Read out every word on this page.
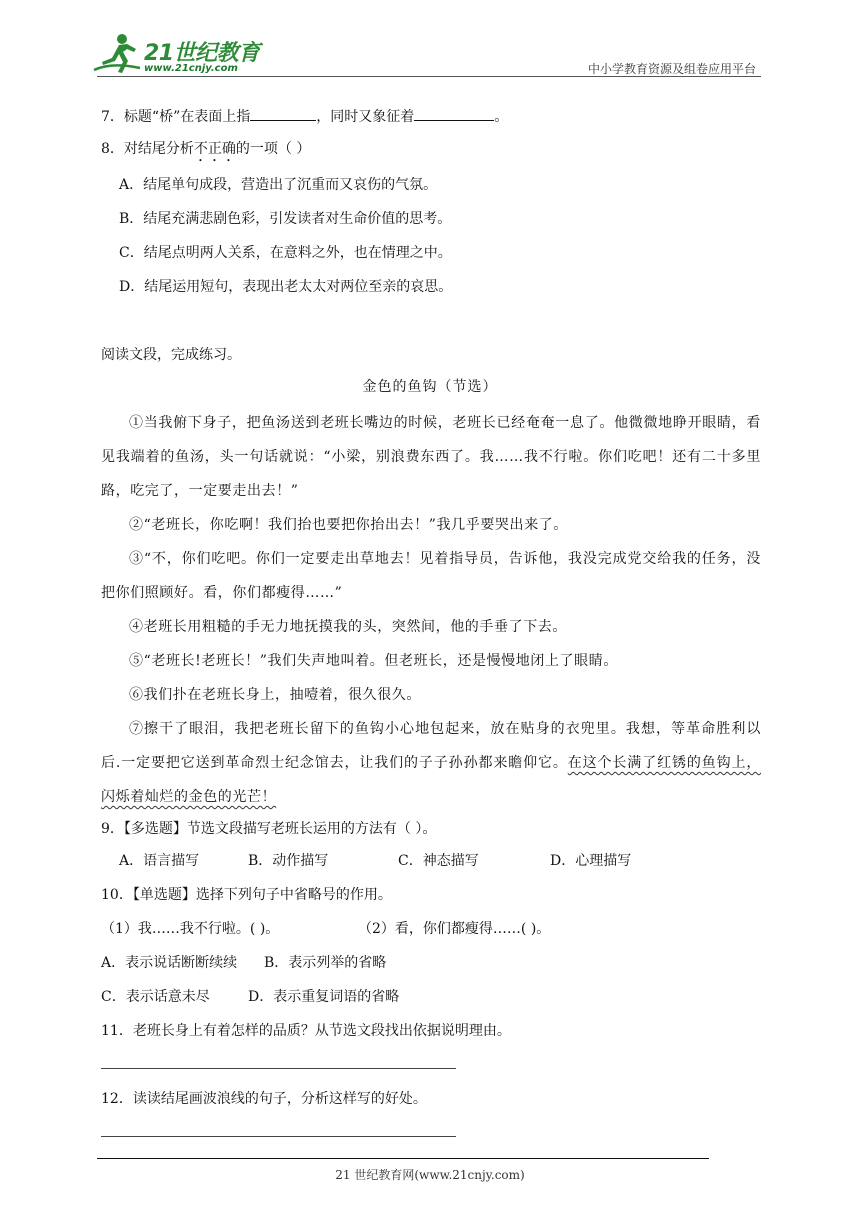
21世纪教育
www.21cnjy.com	中小学教育资源及组卷应用平台
7．标题“桥”在表面上指	，同时又象征着	。
8．对结尾分析不正确的一项（ ）
A．结尾单句成段，营造出了沉重而又哀伤的气氛。
B．结尾充满悲剧色彩，引发读者对生命价值的思考。
C．结尾点明两人关系，在意料之外，也在情理之中。
D．结尾运用短句，表现出老太太对两位至亲的哀思。
阅读文段，完成练习。
金色的鱼钩（节选）

①当我俯下身子，把鱼汤送到老班长嘴边的时候，老班长已经奄奄一息了。他微微地睁开眼睛，看见我端着的鱼汤，头一句话就说：“小梁，别浪费东西了。我……我不行啦。你们吃吧！还有二十多里路，吃完了，一定要走出去！”

②“老班长，你吃啊！我们抬也要把你抬出去！”我几乎要哭出来了。

③“不，你们吃吧。你们一定要走出草地去！见着指导员，告诉他，我没完成党交给我的任务，没把你们照顾好。看，你们都瘦得……”

④老班长用粗糙的手无力地抚摸我的头，突然间，他的手垂了下去。

⑤“老班长!老班长！”我们失声地叫着。但老班长，还是慢慢地闭上了眼睛。

⑥我们扑在老班长身上，抽噎着，很久很久。

⑦擦干了眼泪，我把老班长留下的鱼钩小心地包起来，放在贴身的衣兜里。我想，等革命胜利以后.一定要把它送到革命烈士纪念馆去，让我们的子子孙孙都来瞻仰它。在这个长满了红锈的鱼钩上，闪烁着灿烂的金色的光芒！

9．【多选题】节选文段描写老班长运用的方法有（ ）。
A．语言描写	B．动作描写	C．神态描写	D．心理描写
10．【单选题】选择下列句子中省略号的作用。
（1）我……我不行啦。( )。	（2）看，你们都瘦得……( )。
A．表示说话断断续续 B．表示列举的省略
C．表示话意未尽	D．表示重复词语的省略
11．老班长身上有着怎样的品质？从节选文段找出依据说明理由。
12．读读结尾画波浪线的句子，分析这样写的好处。
21 世纪教育网(www.21cnjy.com)
